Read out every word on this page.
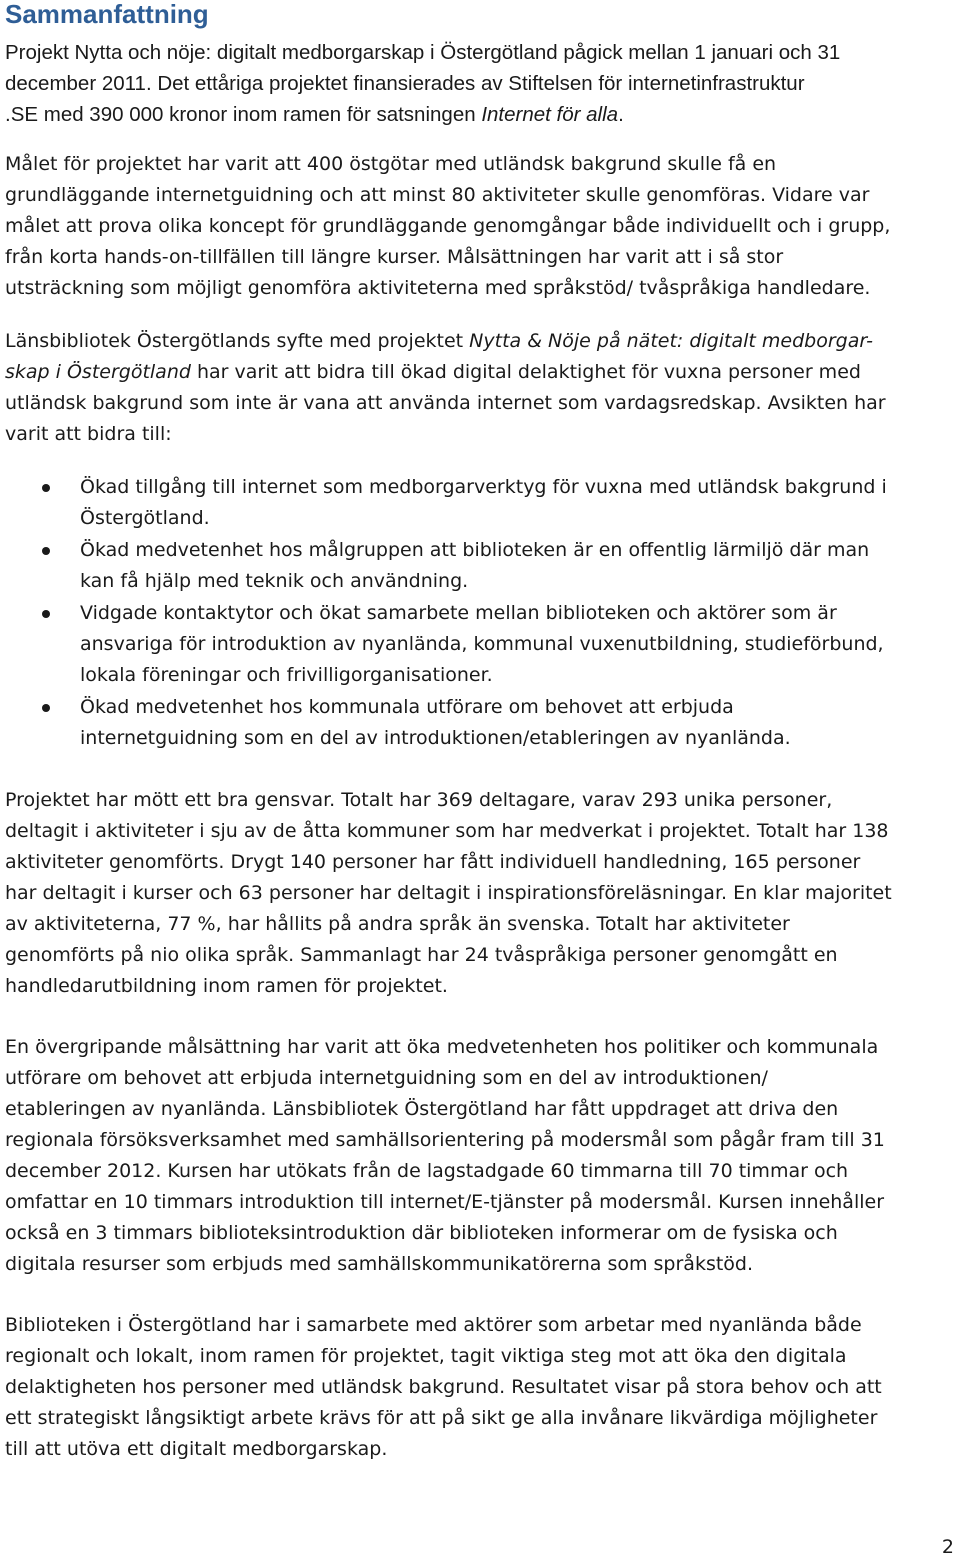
Sammanfattning

Projekt Nytta och nöje: digitalt medborgarskap i Östergötland pågick mellan 1 januari och 31
december 2011. Det ettåriga projektet finansierades av Stiftelsen för internetinfrastruktur
.SE med 390 000 kronor inom ramen för satsningen Internet för alla.

Målet för projektet har varit att 400 östgötar med utländsk bakgrund skulle få en
grundläggande internetguidning och att minst 80 aktiviteter skulle genomföras. Vidare var
målet att prova olika koncept för grundläggande genomgångar både individuellt och i grupp,
från korta hands-on-tillfällen till längre kurser. Målsättningen har varit att i så stor
utsträckning som möjligt genomföra aktiviteterna med språkstöd/ tvåspråkiga handledare.

Länsbibliotek Östergötlands syfte med projektet Nytta & Nöje på nätet: digitalt medborgar-
skap i Östergötland har varit att bidra till ökad digital delaktighet för vuxna personer med
utländsk bakgrund som inte är vana att använda internet som vardagsredskap. Avsikten har
varit att bidra till:

Ökad tillgång till internet som medborgarverktyg för vuxna med utländsk bakgrund i
Östergötland.
Ökad medvetenhet hos målgruppen att biblioteken är en offentlig lärmiljö där man
kan få hjälp med teknik och användning.
Vidgade kontaktytor och ökat samarbete mellan biblioteken och aktörer som är
ansvariga för introduktion av nyanlända, kommunal vuxenutbildning, studieförbund,
lokala föreningar och frivilligorganisationer.
Ökad medvetenhet hos kommunala utförare om behovet att erbjuda
internetguidning som en del av introduktionen/etableringen av nyanlända.

Projektet har mött ett bra gensvar. Totalt har 369 deltagare, varav 293 unika personer,
deltagit i aktiviteter i sju av de åtta kommuner som har medverkat i projektet. Totalt har 138
aktiviteter genomförts. Drygt 140 personer har fått individuell handledning, 165 personer
har deltagit i kurser och 63 personer har deltagit i inspirationsföreläsningar. En klar majoritet
av aktiviteterna, 77 %, har hållits på andra språk än svenska. Totalt har aktiviteter
genomförts på nio olika språk. Sammanlagt har 24 tvåspråkiga personer genomgått en
handledarutbildning inom ramen för projektet.

En övergripande målsättning har varit att öka medvetenheten hos politiker och kommunala
utförare om behovet att erbjuda internetguidning som en del av introduktionen/
etableringen av nyanlända. Länsbibliotek Östergötland har fått uppdraget att driva den
regionala försöksverksamhet med samhällsorientering på modersmål som pågår fram till 31
december 2012. Kursen har utökats från de lagstadgade 60 timmarna till 70 timmar och
omfattar en 10 timmars introduktion till internet/E-tjänster på modersmål. Kursen innehåller
också en 3 timmars biblioteksintroduktion där biblioteken informerar om de fysiska och
digitala resurser som erbjuds med samhällskommunikatörerna som språkstöd.

Biblioteken i Östergötland har i samarbete med aktörer som arbetar med nyanlända både
regionalt och lokalt, inom ramen för projektet, tagit viktiga steg mot att öka den digitala
delaktigheten hos personer med utländsk bakgrund. Resultatet visar på stora behov och att
ett strategiskt långsiktigt arbete krävs för att på sikt ge alla invånare likvärdiga möjligheter
till att utöva ett digitalt medborgarskap.

2
